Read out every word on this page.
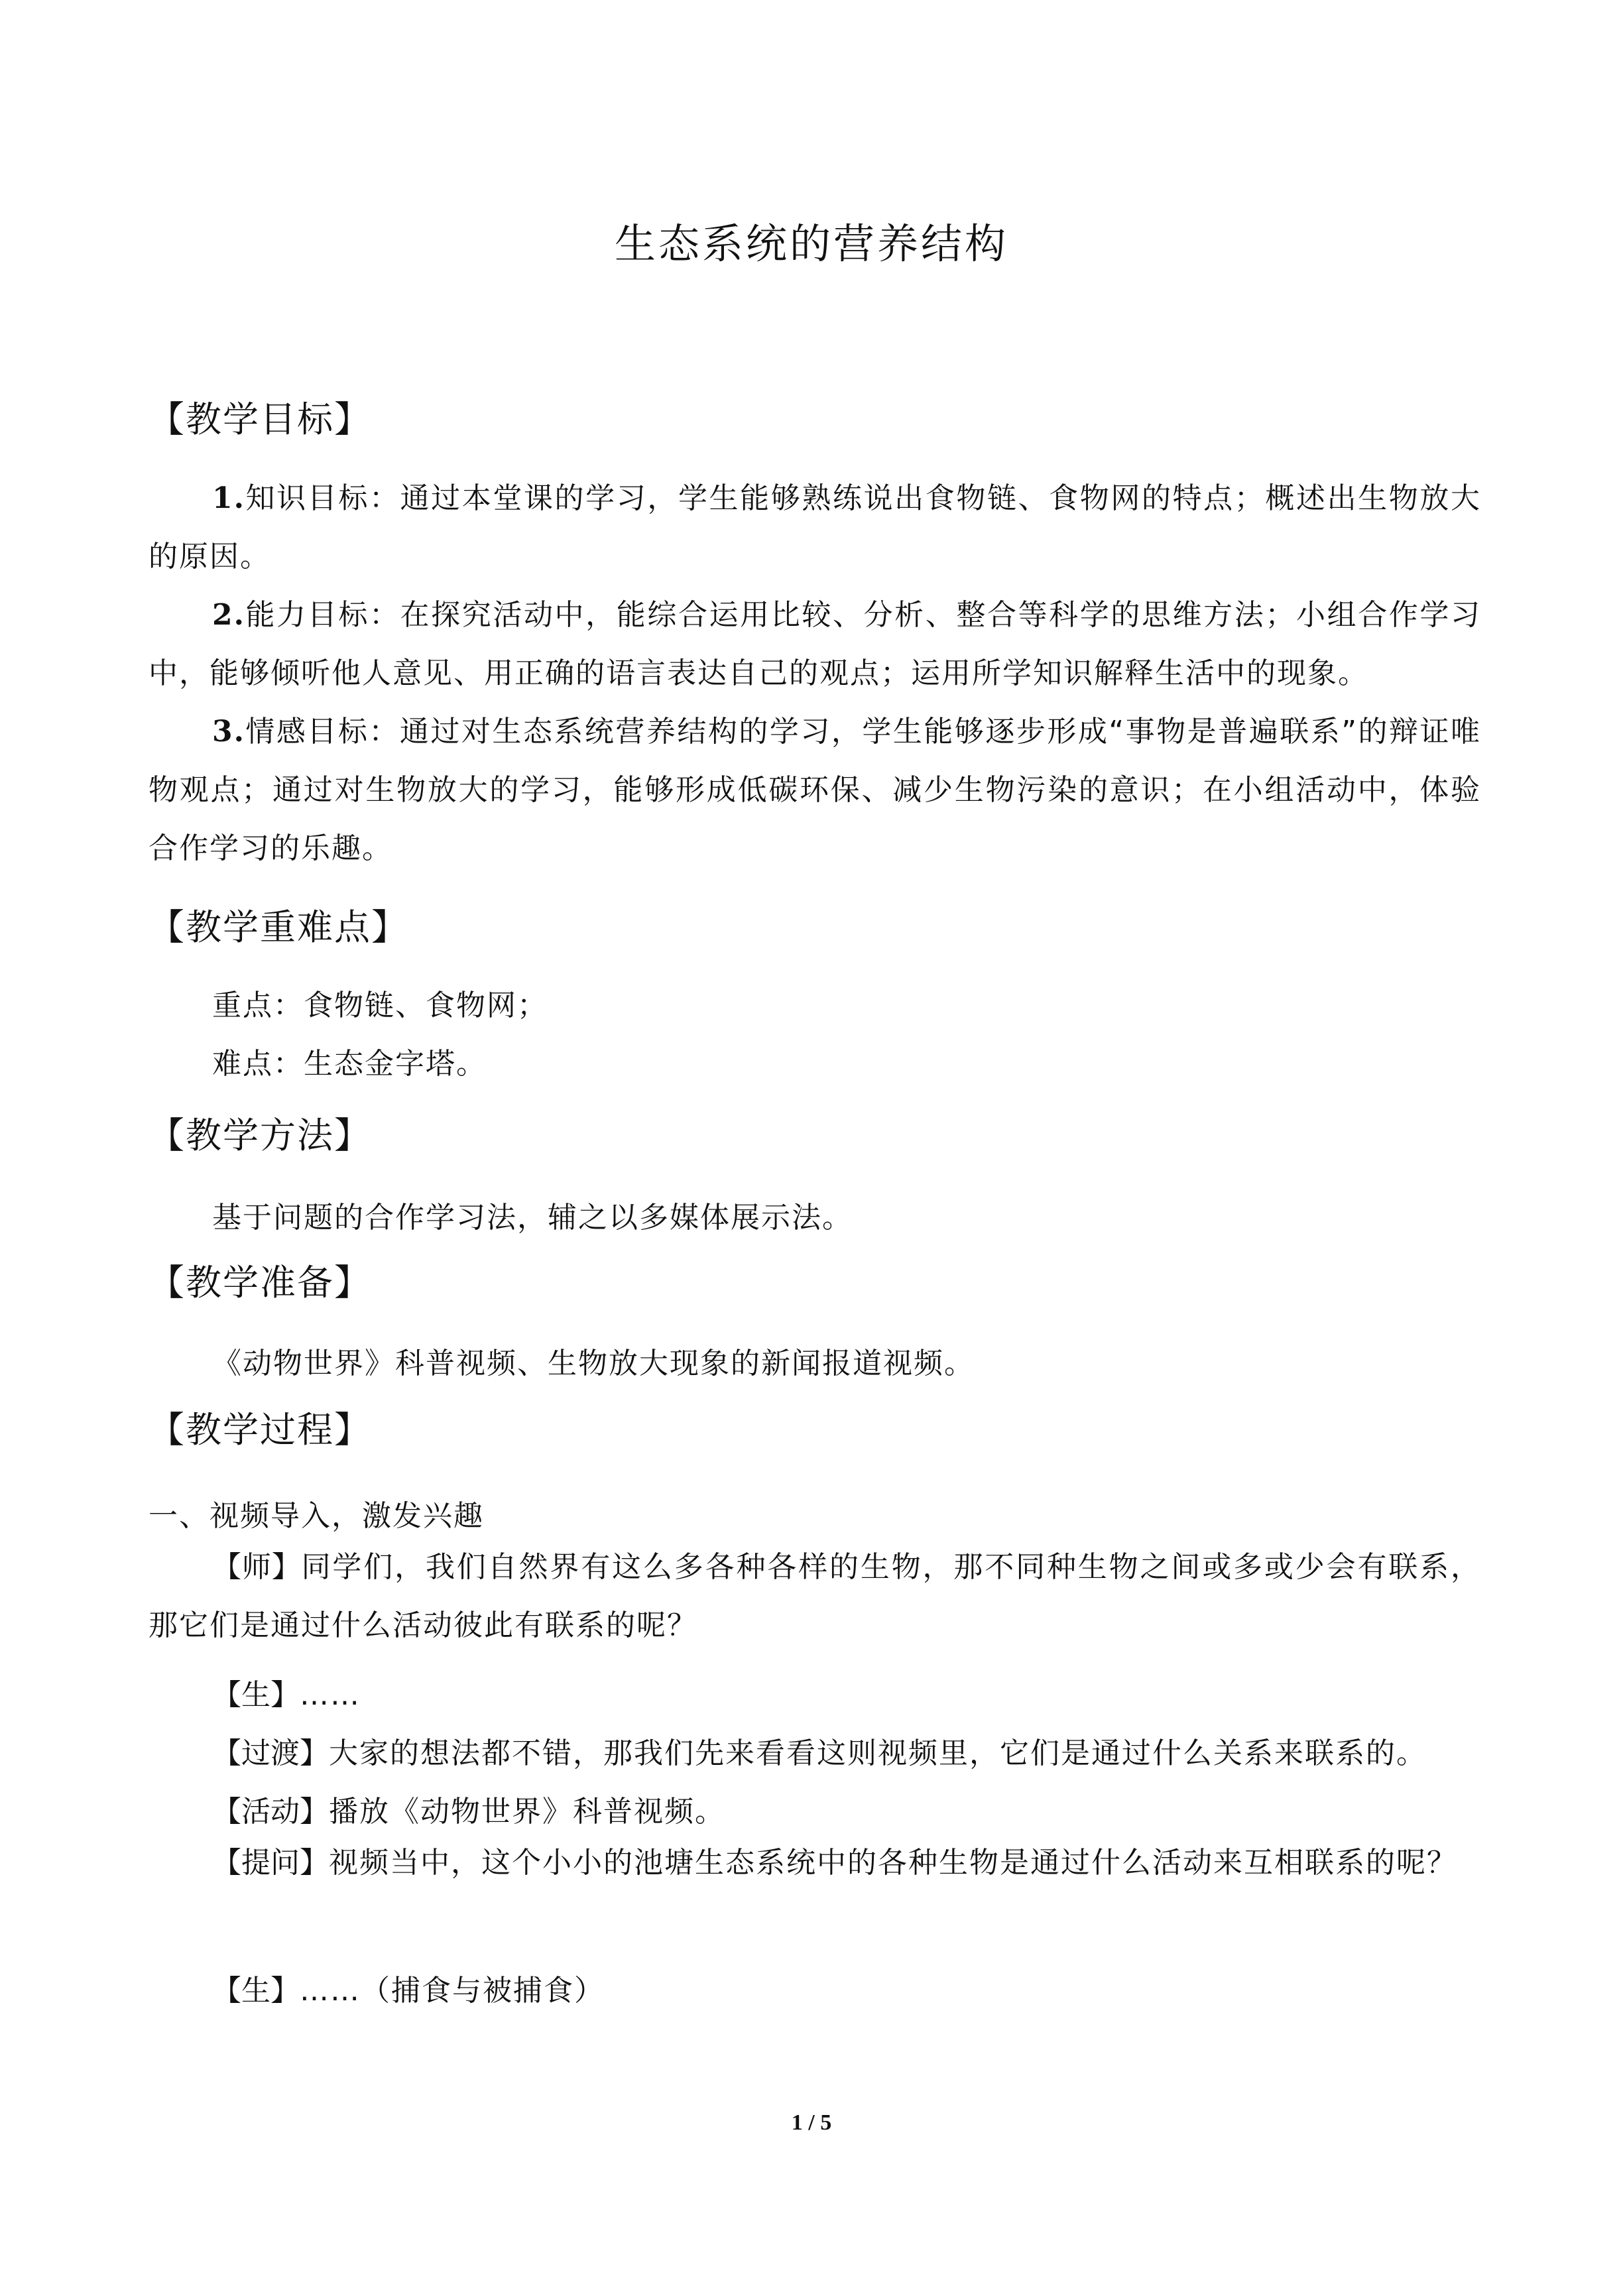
生态系统的营养结构
【教学目标】
1.知识目标：通过本堂课的学习，学生能够熟练说出食物链、食物网的特点；概述出生物放大的原因。
2.能力目标：在探究活动中，能综合运用比较、分析、整合等科学的思维方法；小组合作学习中，能够倾听他人意见、用正确的语言表达自己的观点；运用所学知识解释生活中的现象。
3.情感目标：通过对生态系统营养结构的学习，学生能够逐步形成“事物是普遍联系”的辩证唯物观点；通过对生物放大的学习，能够形成低碳环保、减少生物污染的意识；在小组活动中，体验合作学习的乐趣。
【教学重难点】
重点：食物链、食物网；
难点：生态金字塔。
【教学方法】
基于问题的合作学习法，辅之以多媒体展示法。
【教学准备】
《动物世界》科普视频、生物放大现象的新闻报道视频。
【教学过程】
一、视频导入，激发兴趣
【师】同学们，我们自然界有这么多各种各样的生物，那不同种生物之间或多或少会有联系，那它们是通过什么活动彼此有联系的呢？
【生】……
【过渡】大家的想法都不错，那我们先来看看这则视频里，它们是通过什么关系来联系的。
【活动】播放《动物世界》科普视频。
【提问】视频当中，这个小小的池塘生态系统中的各种生物是通过什么活动来互相联系的呢？
【生】……（捕食与被捕食）
1 / 5
